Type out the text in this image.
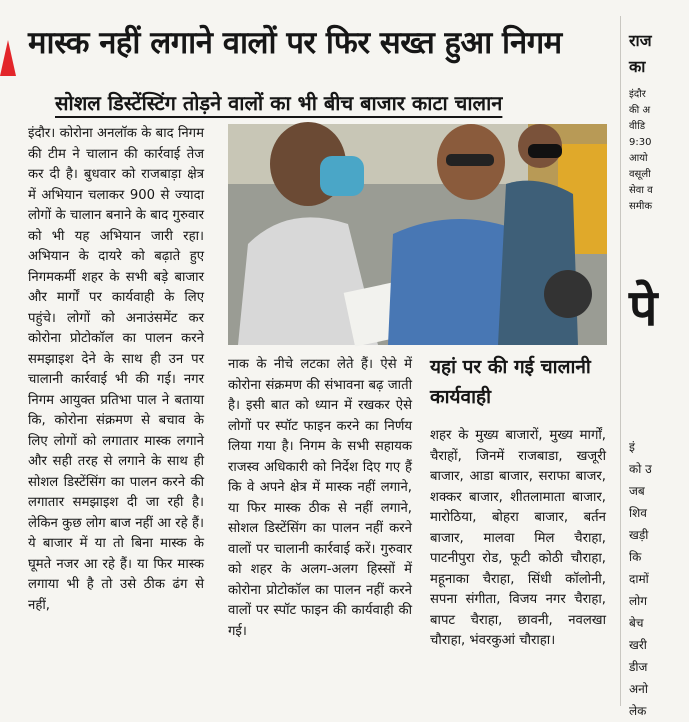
मास्क नहीं लगाने वालों पर फिर सख्त हुआ निगम
सोशल डिस्टेंस्टिंग तोड़ने वालों का भी बीच बाजार काटा चालान
इंदौर। कोरोना अनलॉक के बाद निगम की टीम ने चालान की कार्रवाई तेज कर दी है। बुधवार को राजबाड़ा क्षेत्र में अभियान चलाकर 900 से ज्यादा लोगों के चालान बनाने के बाद गुरुवार को भी यह अभियान जारी रहा। अभियान के दायरे को बढ़ाते हुए निगमकर्मी शहर के सभी बड़े बाजार और मार्गों पर कार्यवाही के लिए पहुंचे। लोगों को अनाउंसमेंट कर कोरोना प्रोटोकॉल का पालन करने समझाइश देने के साथ ही उन पर चालानी कार्रवाई भी की गई। नगर निगम आयुक्त प्रतिभा पाल ने बताया कि, कोरोना संक्रमण से बचाव के लिए लोगों को लगातार मास्क लगाने और सही तरह से लगाने के साथ ही सोशल डिस्टेंसिंग का पालन करने की लगातार समझाइश दी जा रही है। लेकिन कुछ लोग बाज नहीं आ रहे हैं। ये बाजार में या तो बिना मास्क के घूमते नजर आ रहे हैं। या फिर मास्क लगाया भी है तो उसे ठीक ढंग से नहीं,
नाक के नीचे लटका लेते हैं। ऐसे में कोरोना संक्रमण की संभावना बढ़ जाती है। इसी बात को ध्यान में रखकर ऐसे लोगों पर स्पॉट फाइन करने का निर्णय लिया गया है। निगम के सभी सहायक राजस्व अधिकारी को निर्देश दिए गए हैं कि वे अपने क्षेत्र में मास्क नहीं लगाने, या फिर मास्क ठीक से नहीं लगाने, सोशल डिस्टेंसिंग का पालन नहीं करने वालों पर चालानी कार्रवाई करें। गुरुवार को शहर के अलग-अलग हिस्सों में कोरोना प्रोटोकॉल का पालन नहीं करने वालों पर स्पॉट फाइन की कार्यवाही की गई।
यहां पर की गई चालानी कार्यवाही
शहर के मुख्य बाजारों, मुख्य मार्गों, चैराहों, जिनमें राजबाडा, खजूरी बाजार, आडा बाजार, सराफा बाजर, शक्कर बाजार, शीतलामाता बाजार, मारोठिया, बोहरा बाजार, बर्तन बाजार, मालवा मिल चैराहा, पाटनीपुरा रोड, फूटी कोठी चौराहा, महूनाका चैराहा, सिंधी कॉलोनी, सपना संगीता, विजय नगर चैराहा, बापट चैराहा, छावनी, नवलखा चौराहा, भंवरकुआं चौराहा।
राज
का
इंदौर
की अ
वीडि
9:30
आयो
वसूली
सेवा व
समीक
पे
इं
को उ
जब
शिव
खड़ी
कि
दामों
लोग
बेच
खरी
डीज
अनो
लेक
